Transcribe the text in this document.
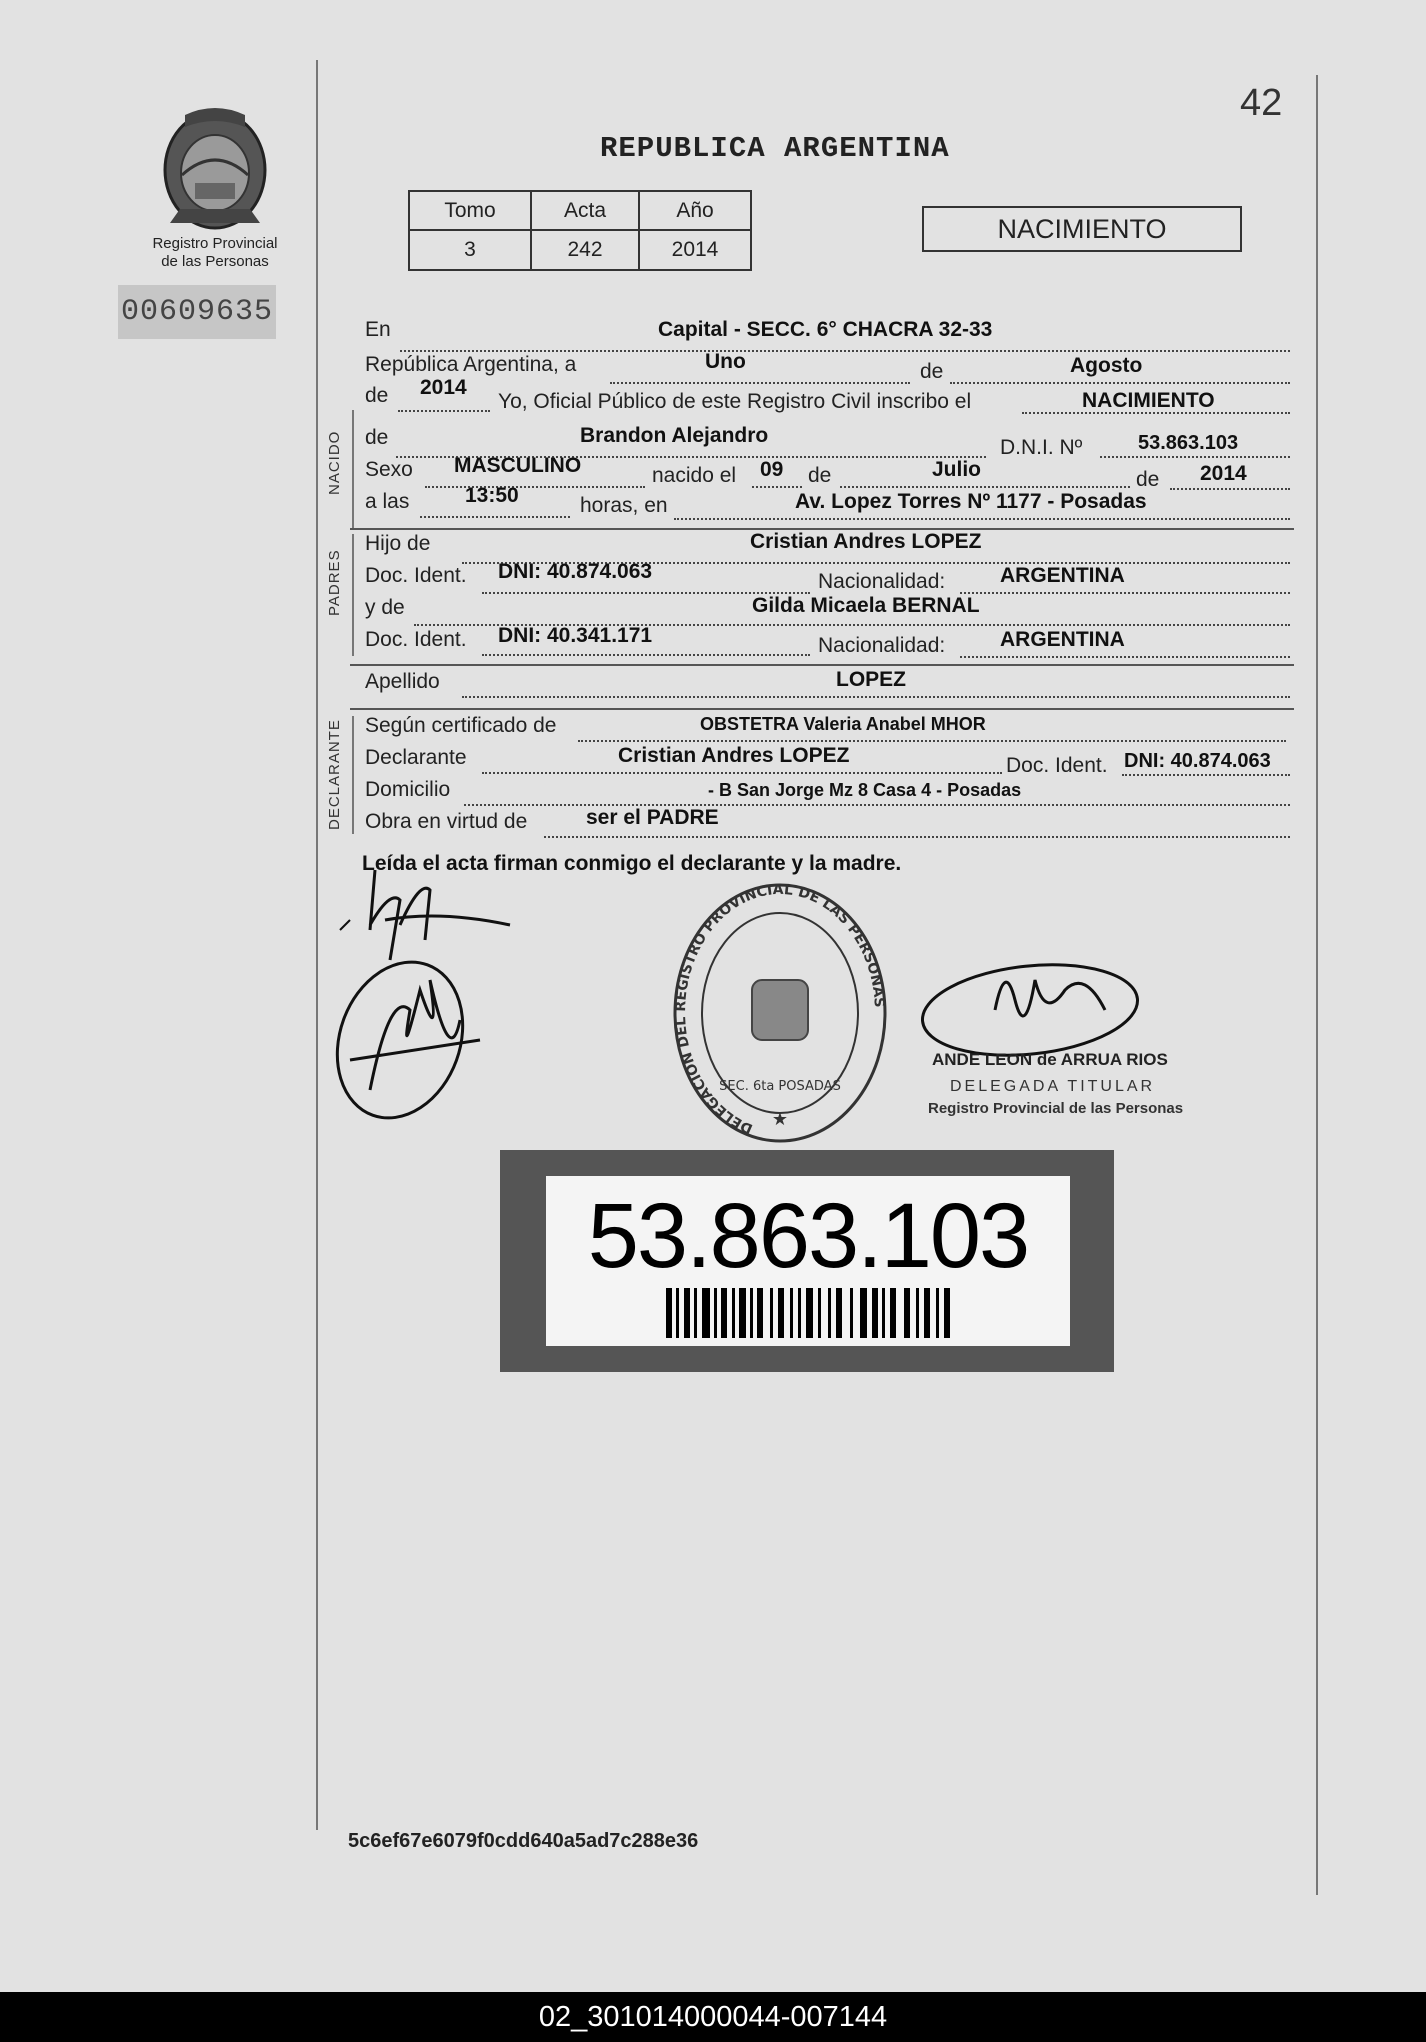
42
Registro Provincial
de las Personas
00609635
REPUBLICA ARGENTINA
Tomo	Acta	Año
3	242	2014
NACIMIENTO
En	Capital - SECC. 6° CHACRA 32-33
República Argentina, a	Uno	de	Agosto
de 2014
Yo, Oficial Público de este Registro Civil inscribo el	NACIMIENTO
NACIDO de	Brandon Alejandro
D.N.I. Nº	53.863.103
Sexo MASCULINO	nacido el 09 de	Julio	de 2014
a las	13:50	horas, en	Av. Lopez Torres Nº 1177 - Posadas
PADRES
Hijo de	Cristian Andres LOPEZ
Doc. Ident. DNI: 40.874.063	Nacionalidad:	ARGENTINA
y de	Gilda Micaela BERNAL
Doc. Ident. DNI: 40.341.171	Nacionalidad:	ARGENTINA
Apellido	LOPEZ
DECLARANTE Según certificado de	OBSTETRA Valeria Anabel MHOR
Declarante	Cristian Andres LOPEZ	Doc. Ident. DNI: 40.874.063
Domicilio	- B San Jorge Mz 8 Casa 4 - Posadas
Obra en virtud de	ser el PADRE
Leída el acta firman conmigo el declarante y la madre.
DELEGACION DEL REGISTRO PROVINCIAL DE LAS PERSONAS
SEC. 6ta POSADAS
★
ANDE LEON de ARRUA RIOS
DELEGADA TITULAR
Registro Provincial de las Personas
53.863.103
5c6ef67e6079f0cdd640a5ad7c288e36
02_301014000044-007144
